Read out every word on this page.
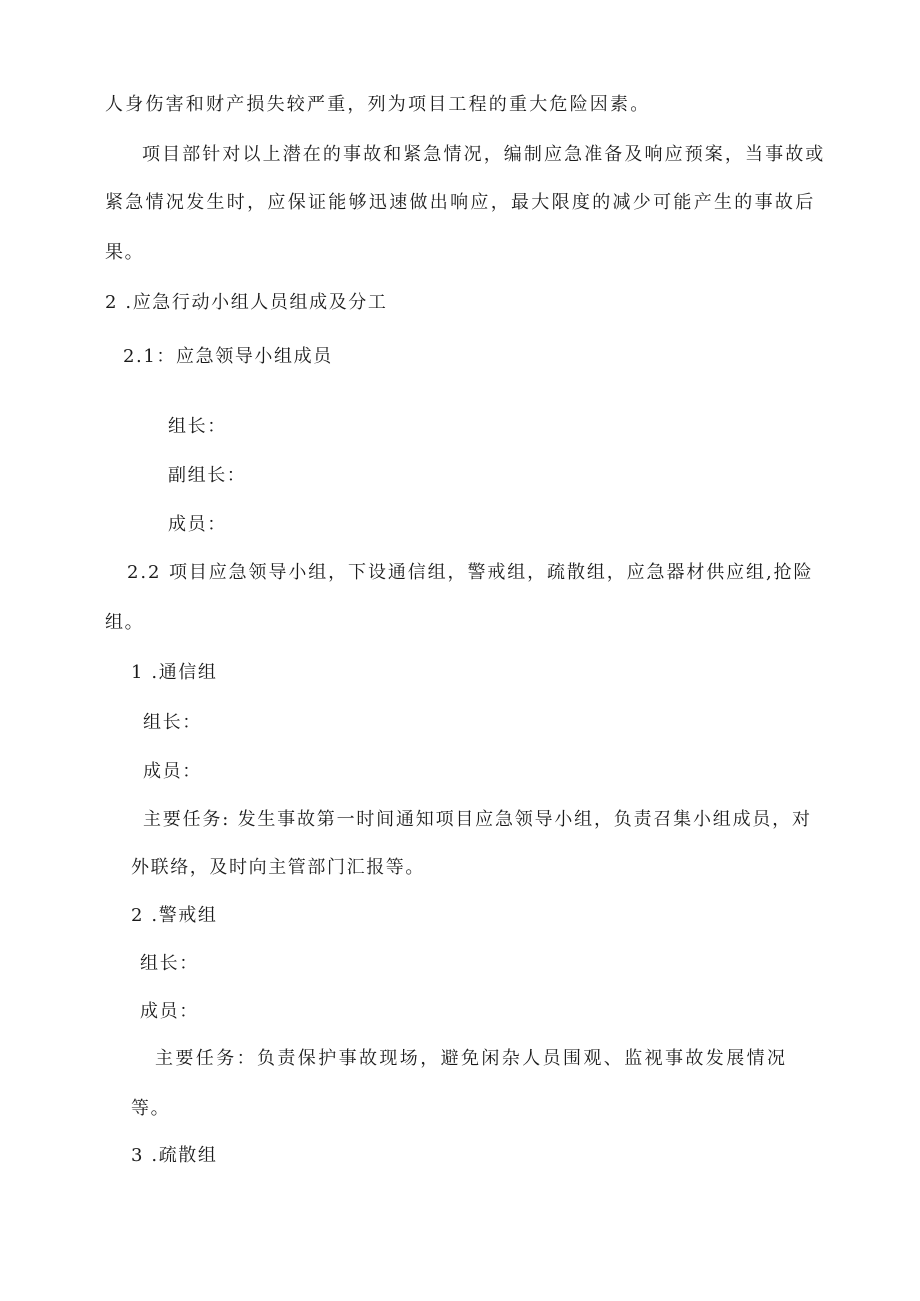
人身伤害和财产损失较严重，列为项目工程的重大危险因素。
项目部针对以上潜在的事故和紧急情况，编制应急准备及响应预案，当事故或
紧急情况发生时，应保证能够迅速做出响应，最大限度的减少可能产生的事故后
果。
2 .应急行动小组人员组成及分工
2.1：应急领导小组成员
组长：
副组长：
成员：
2.2 项目应急领导小组，下设通信组，警戒组，疏散组，应急器材供应组,抢险
组。
1 .通信组
组长：
成员：
主要任务: 发生事故第一时间通知项目应急领导小组，负责召集小组成员，对
外联络，及时向主管部门汇报等。
2 .警戒组
组长：
成员：
主要任务：负责保护事故现场，避免闲杂人员围观、监视事故发展情况
等。
3 .疏散组
